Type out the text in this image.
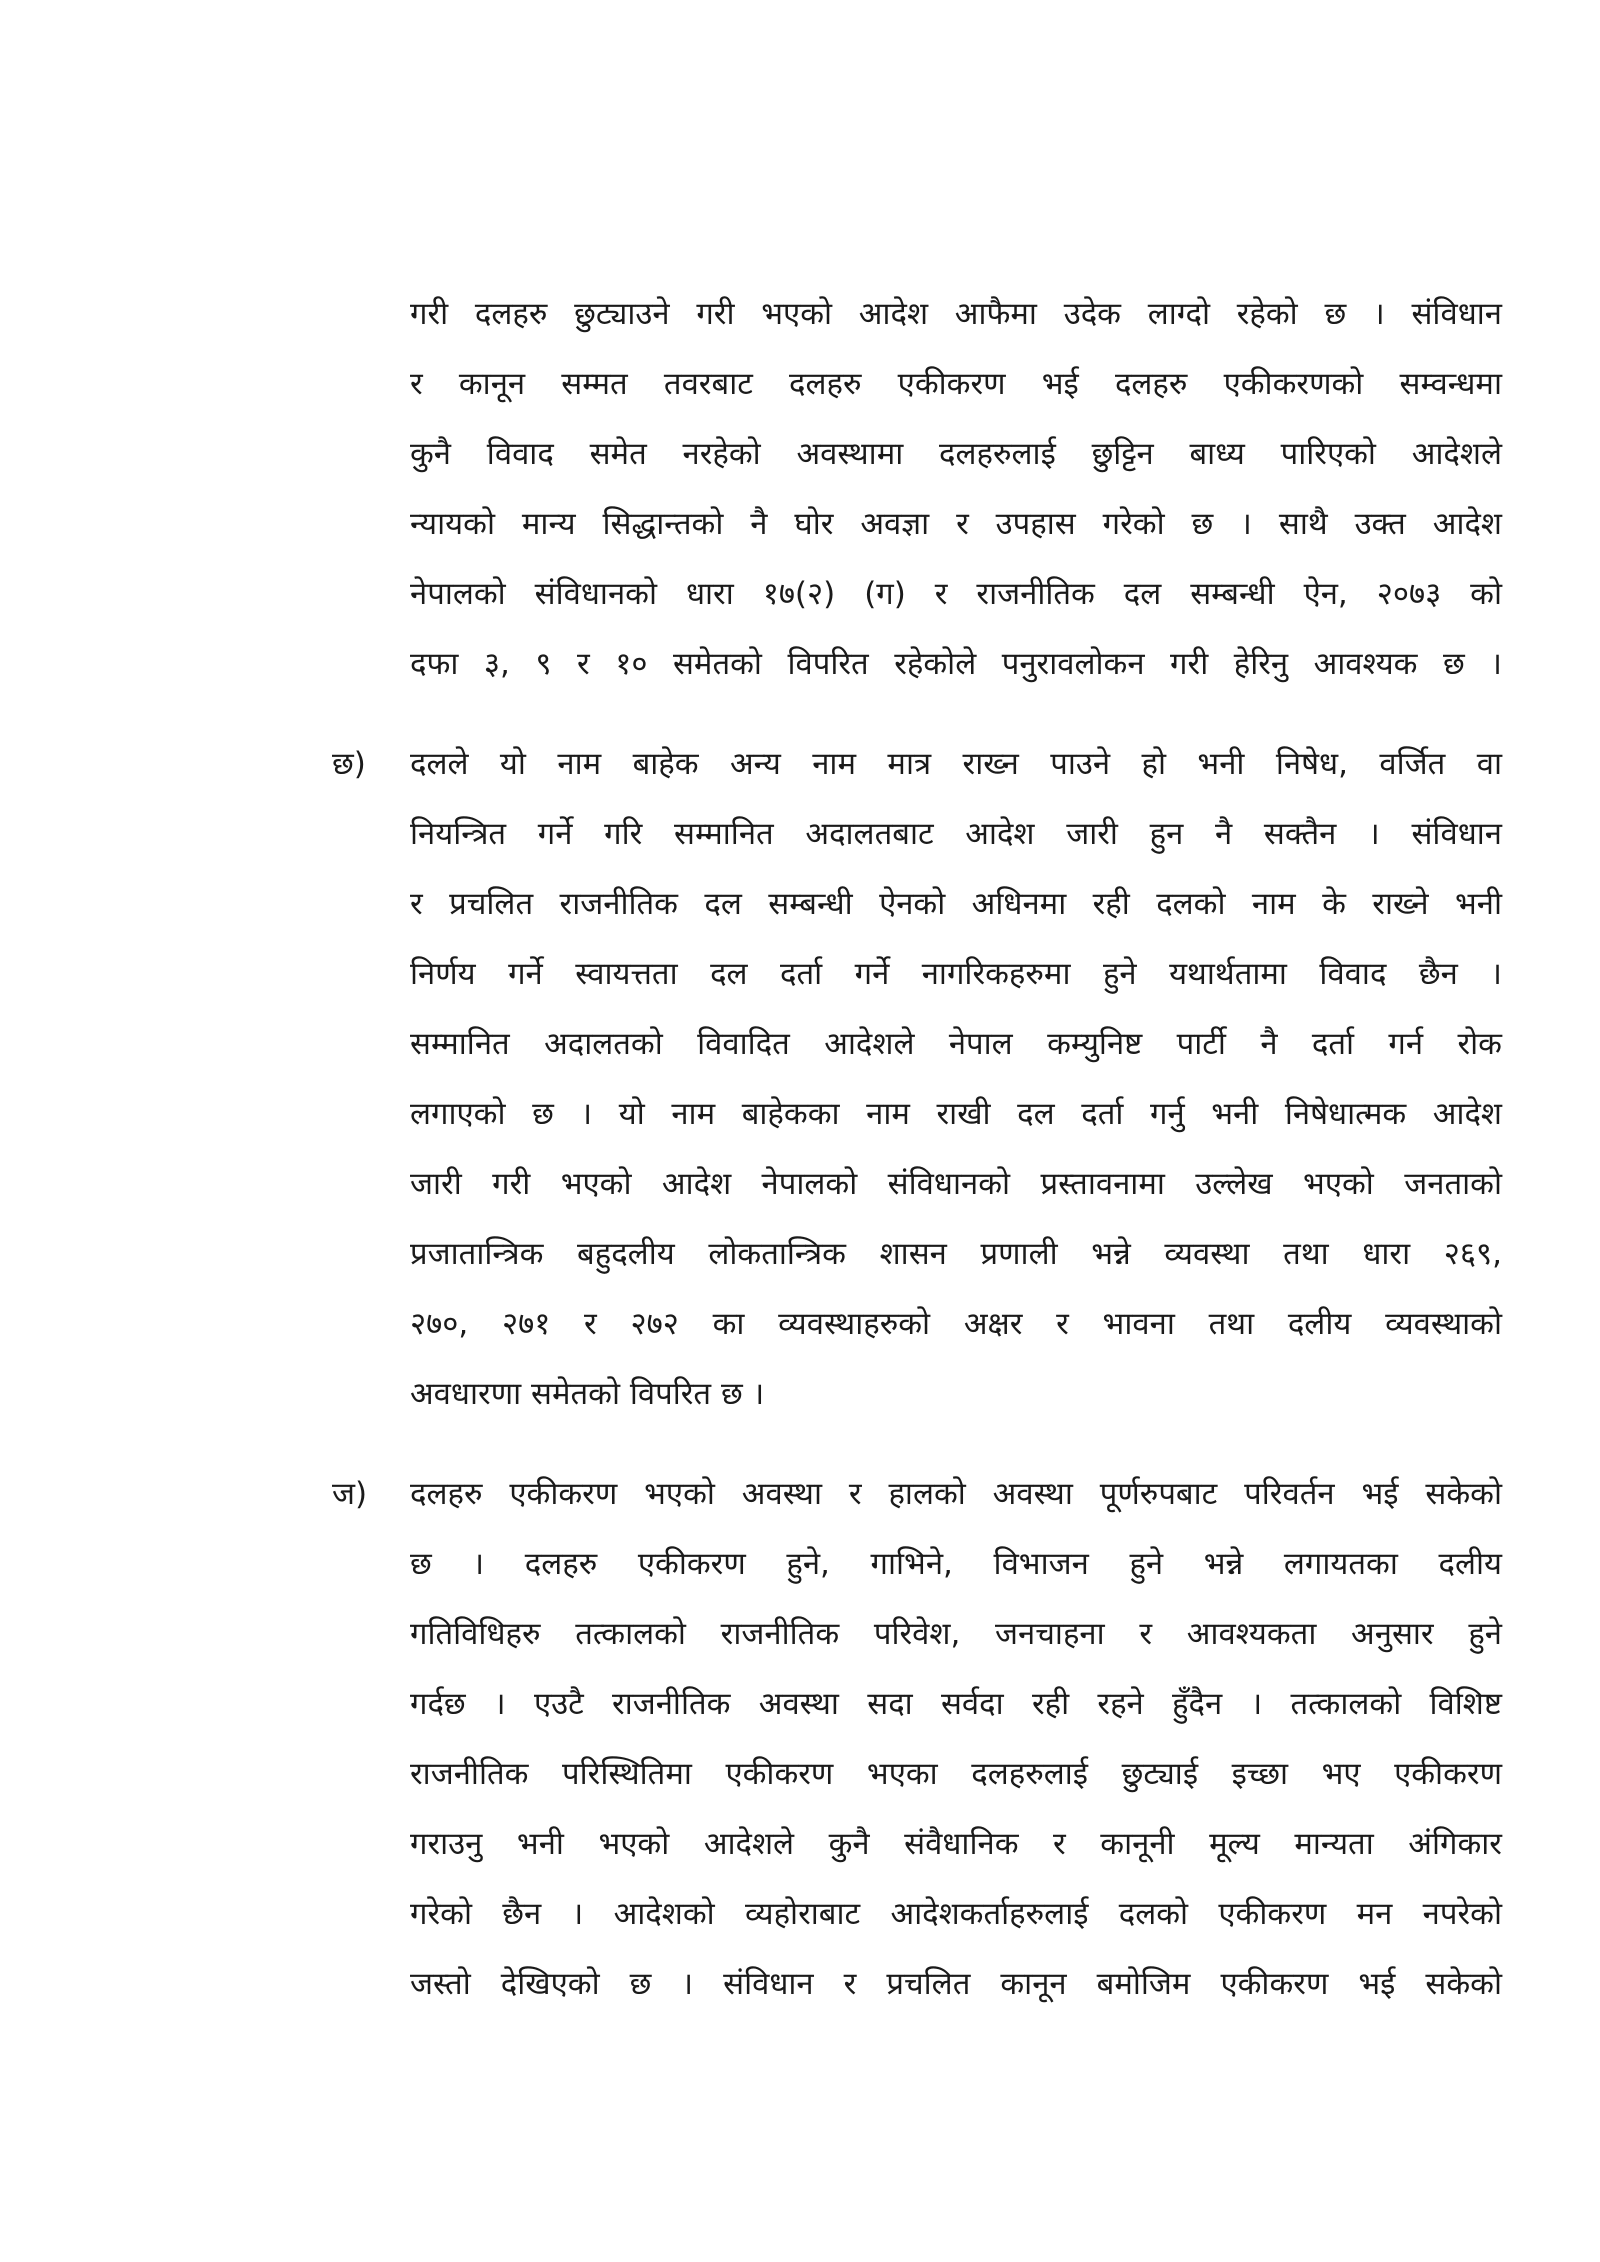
गरी दलहरु छुट्याउने गरी भएको आदेश आफैमा उदेक लाग्दो रहेको छ । संविधान
र कानून सम्मत तवरबाट दलहरु एकीकरण भई दलहरु एकीकरणको सम्वन्धमा
कुनै विवाद समेत नरहेको अवस्थामा दलहरुलाई छुट्टिन बाध्य पारिएको आदेशले
न्यायको मान्य सिद्धान्तको नै घोर अवज्ञा र उपहास गरेको छ । साथै उक्त आदेश
नेपालको संविधानको धारा १७(२) (ग) र राजनीतिक दल सम्बन्धी ऐन, २०७३ को
दफा ३, ९ र १० समेतको विपरित रहेकोले पनुरावलोकन गरी हेरिनु आवश्यक छ ।
छ)	दलले यो नाम बाहेक अन्य नाम मात्र राख्न पाउने हो भनी निषेध, वर्जित वा
नियन्त्रित गर्ने गरि सम्मानित अदालतबाट आदेश जारी हुन नै सक्तैन । संविधान
र प्रचलित राजनीतिक दल सम्बन्धी ऐनको अधिनमा रही दलको नाम के राख्ने भनी
निर्णय गर्ने स्वायत्तता दल दर्ता गर्ने नागरिकहरुमा हुने यथार्थतामा विवाद छैन ।
सम्मानित अदालतको विवादित आदेशले नेपाल कम्युनिष्ट पार्टी नै दर्ता गर्न रोक
लगाएको छ । यो नाम बाहेकका नाम राखी दल दर्ता गर्नु भनी निषेधात्मक आदेश
जारी गरी भएको आदेश नेपालको संविधानको प्रस्तावनामा उल्लेख भएको जनताको
प्रजातान्त्रिक बहुदलीय लोकतान्त्रिक शासन प्रणाली भन्ने व्यवस्था तथा धारा २६९,
२७०, २७१ र २७२ का व्यवस्थाहरुको अक्षर र भावना तथा दलीय व्यवस्थाको
अवधारणा समेतको विपरित छ ।
ज)	दलहरु एकीकरण भएको अवस्था र हालको अवस्था पूर्णरुपबाट परिवर्तन भई सकेको
छ । दलहरु एकीकरण हुने, गाभिने, विभाजन हुने भन्ने लगायतका दलीय
गतिविधिहरु तत्कालको राजनीतिक परिवेश, जनचाहना र आवश्यकता अनुसार हुने
गर्दछ । एउटै राजनीतिक अवस्था सदा सर्वदा रही रहने हुँदैन । तत्कालको विशिष्ट
राजनीतिक परिस्थितिमा एकीकरण भएका दलहरुलाई छुट्याई इच्छा भए एकीकरण
गराउनु भनी भएको आदेशले कुनै संवैधानिक र कानूनी मूल्य मान्यता अंगिकार
गरेको छैन । आदेशको व्यहोराबाट आदेशकर्ताहरुलाई दलको एकीकरण मन नपरेको
जस्तो देखिएको छ । संविधान र प्रचलित कानून बमोजिम एकीकरण भई सकेको
